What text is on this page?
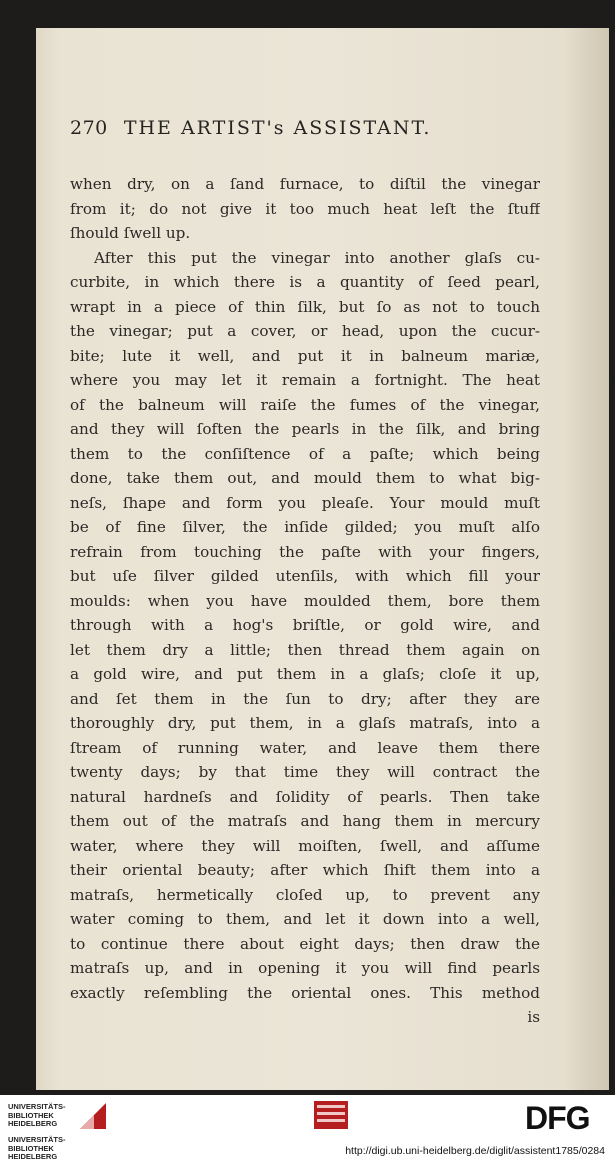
270 THE ARTIST's ASSISTANT.
when dry, on a ſand furnace, to diſtil the vinegar
from it; do not give it too much heat leſt the ſtuff
ſhould ſwell up.
After this put the vinegar into another glaſs cu-
curbite, in which there is a quantity of ſeed pearl,
wrapt in a piece of thin ſilk, but ſo as not to touch
the vinegar; put a cover, or head, upon the cucur-
bite; lute it well, and put it in balneum mariæ,
where you may let it remain a fortnight. The heat
of the balneum will raiſe the fumes of the vinegar,
and they will ſoften the pearls in the ſilk, and bring
them to the conſiſtence of a paſte; which being
done, take them out, and mould them to what big-
neſs, ſhape and form you pleaſe. Your mould muſt
be of fine ſilver, the inſide gilded; you muſt alſo
refrain from touching the paſte with your fingers,
but uſe ſilver gilded utenſils, with which fill your
moulds: when you have moulded them, bore them
through with a hog's briſtle, or gold wire, and
let them dry a little; then thread them again on
a gold wire, and put them in a glaſs; cloſe it up,
and ſet them in the ſun to dry; after they are
thoroughly dry, put them, in a glaſs matraſs, into a
ſtream of running water, and leave them there
twenty days; by that time they will contract the
natural hardneſs and ſolidity of pearls. Then take
them out of the matraſs and hang them in mercury
water, where they will moiſten, ſwell, and aſſume
their oriental beauty; after which ſhift them into a
matraſs, hermetically cloſed up, to prevent any
water coming to them, and let it down into a well,
to continue there about eight days; then draw the
matraſs up, and in opening it you will find pearls
exactly reſembling the oriental ones. This method
is
UNIVERSITÄTS- BIBLIOTHEK HEIDELBERG
UNIVERSITÄTS- BIBLIOTHEK HEIDELBERG
DFG
http://digi.ub.uni-heidelberg.de/diglit/assistent1785/0284
